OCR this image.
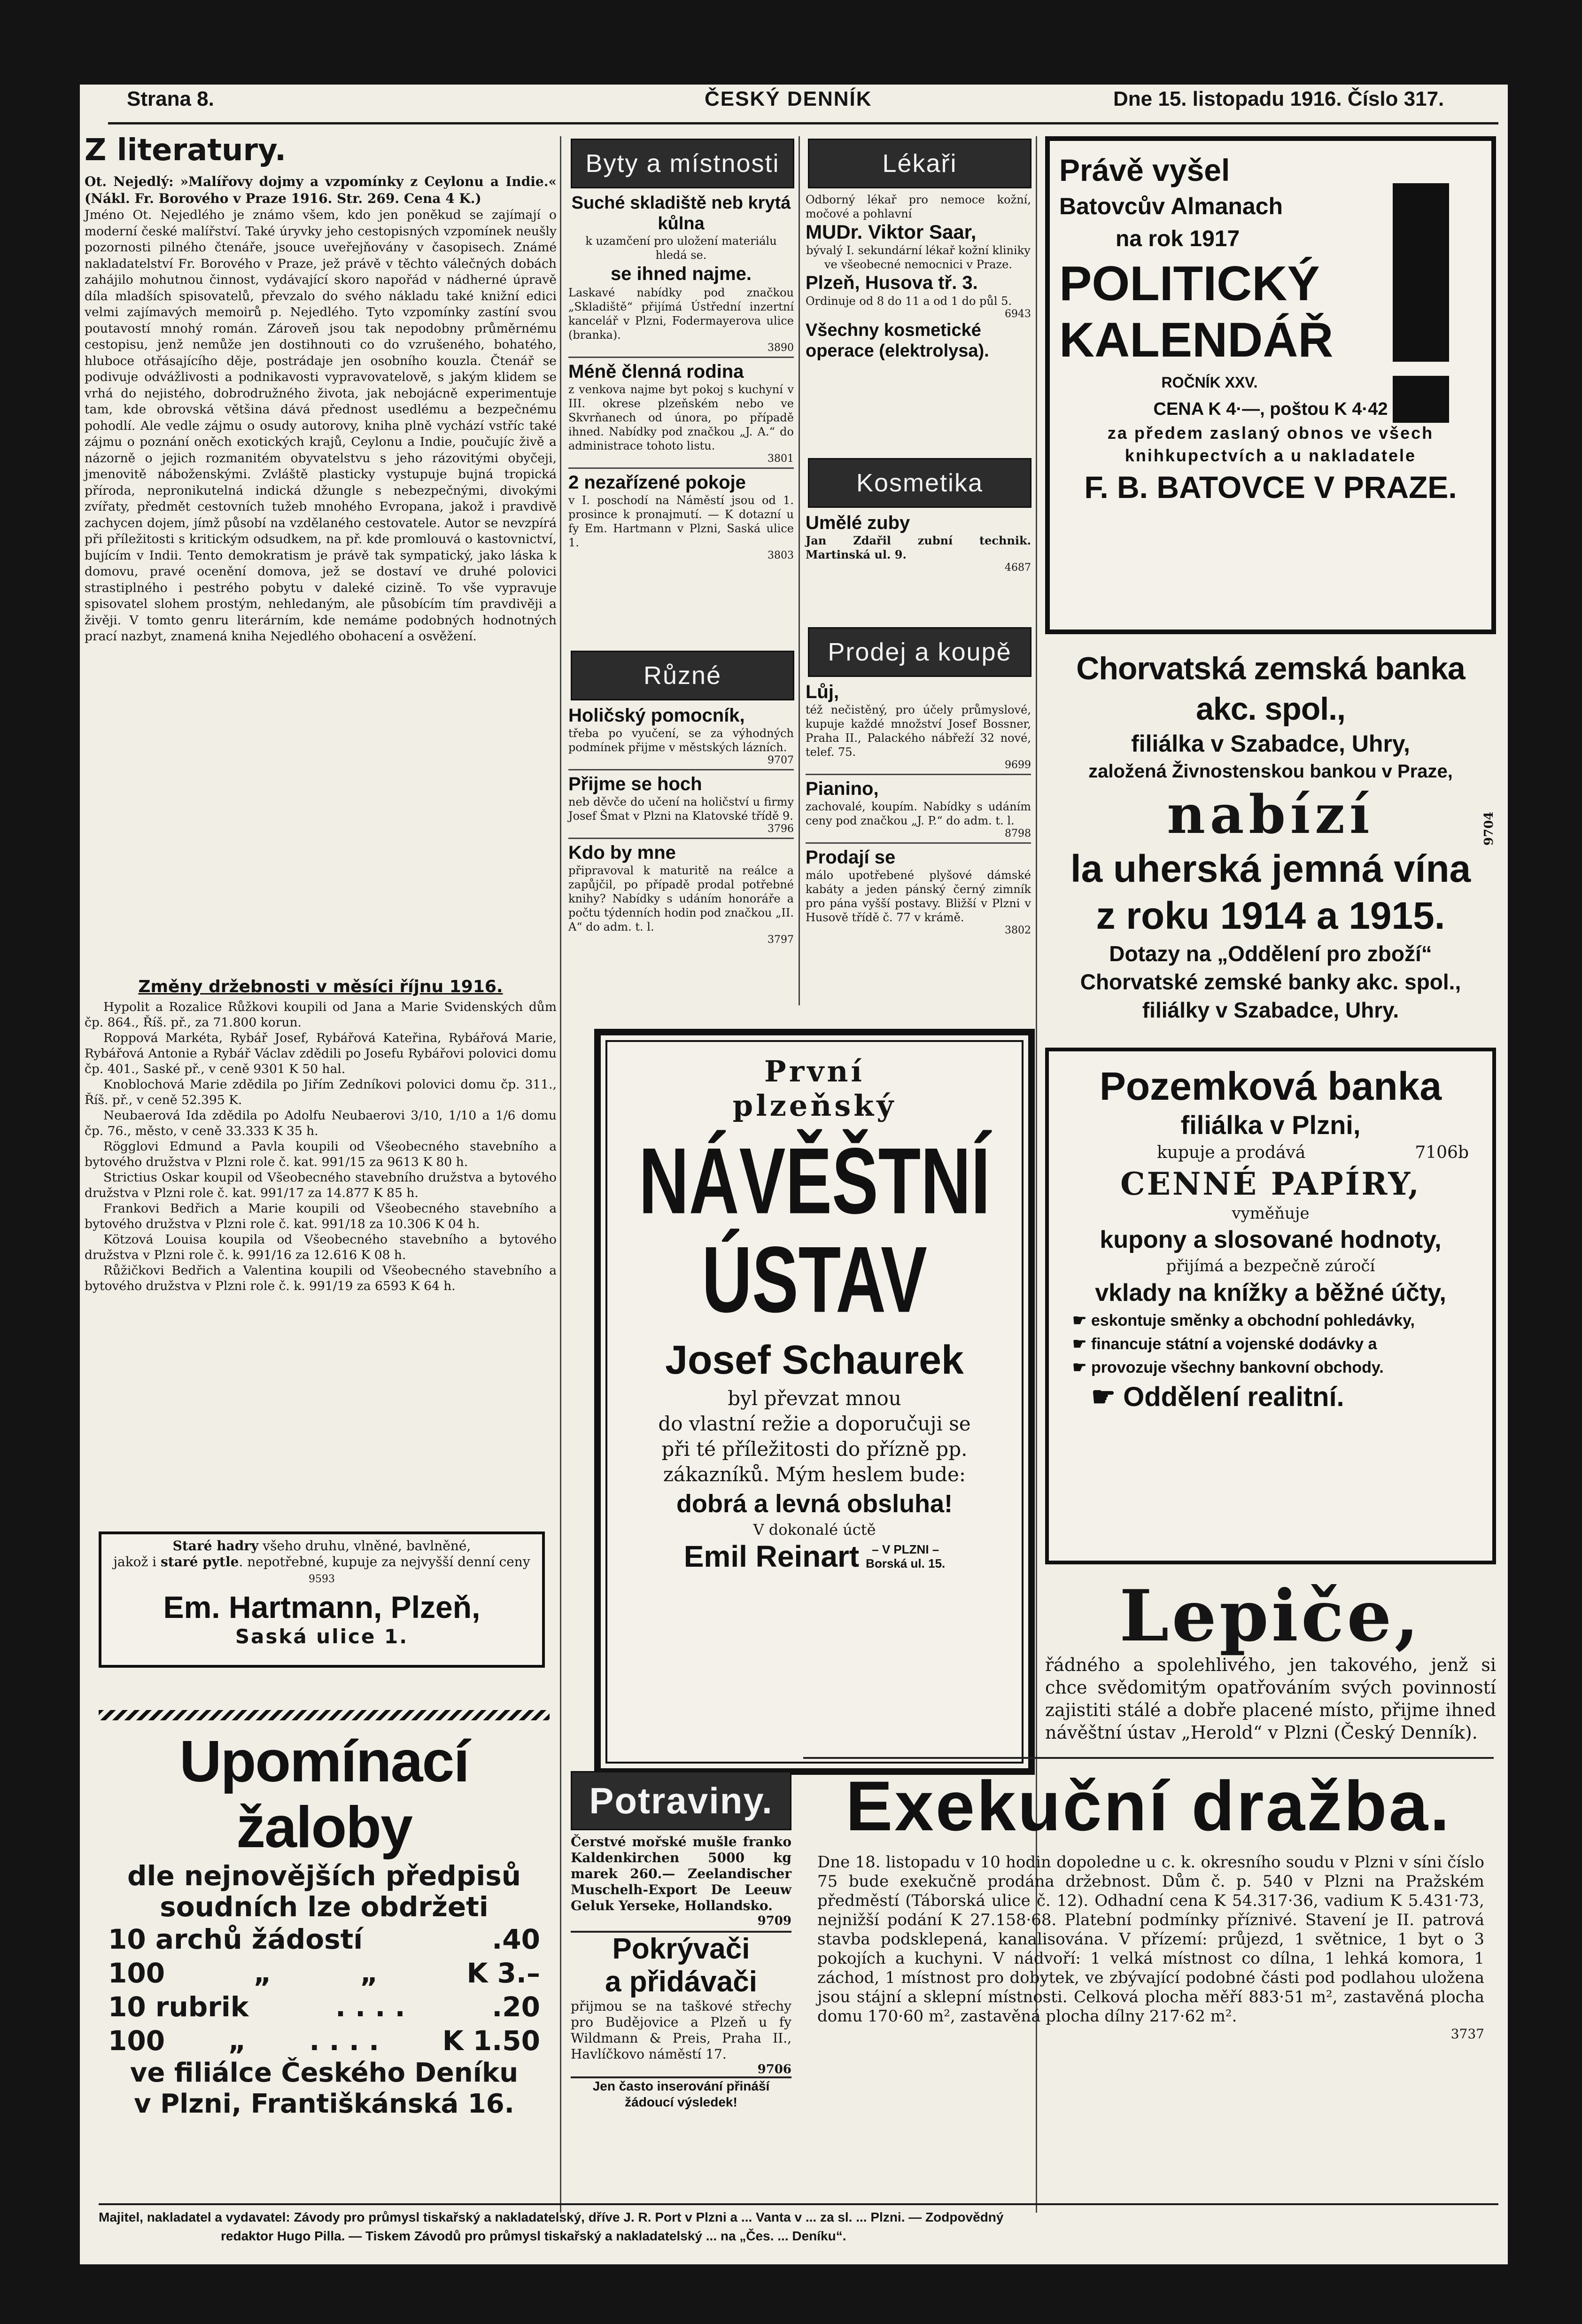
Strana 8.	ČESKÝ DENNÍK	Dne 15. listopadu 1916. Číslo 317.
Z literatury.

Ot. Nejedlý: »Malířovy dojmy a vzpomínky z Ceylonu a Indie.« (Nákl. Fr. Borového v Praze 1916. Str. 269. Cena 4 K.)

Jméno Ot. Nejedlého je známo všem, kdo jen poněkud se zajímají o moderní české malířství. Také úryvky jeho cestopisných vzpomínek neušly pozornosti pilného čtenáře, jsouce uveřejňovány v časopisech. Známé nakladatelství Fr. Borového v Praze, jež právě v těchto válečných dobách zahájilo mohutnou činnost, vydávající skoro napořád v nádherné úpravě díla mladších spisovatelů, převzalo do svého nákladu také knižní edici velmi zajímavých memoirů p. Nejedlého. Tyto vzpomínky zastíní svou poutavostí mnohý román. Zároveň jsou tak nepodobny průměrnému cestopisu, jenž nemůže jen dostihnouti co do vzrušeného, bohatého, hluboce otřásajícího děje, postrádaje jen osobního kouzla. Čtenář se podivuje odvážlivosti a podnikavosti vypravovatelově, s jakým klidem se vrhá do nejistého, dobrodružného života, jak nebojácně experimentuje tam, kde obrovská většina dává přednost usedlému a bezpečnému pohodlí. Ale vedle zájmu o osudy autorovy, kniha plně vychází vstříc také zájmu o poznání oněch exotických krajů, Ceylonu a Indie, poučujíc živě a názorně o jejich rozmanitém obyvatelstvu s jeho rázovitými obyčeji, jmenovitě náboženskými. Zvláště plasticky vystupuje bujná tropická příroda, nepronikutelná indická džungle s nebezpečnými, divokými zvířaty, předmět cestovních tužeb mnohého Evropana, jakož i pravdivě zachycen dojem, jímž působí na vzdělaného cestovatele. Autor se nevzpírá při příležitosti s kritickým odsudkem, na př. kde promlouvá o kastovnictví, bujícím v Indii. Tento demokratism je právě tak sympatický, jako láska k domovu, pravé ocenění domova, jež se dostaví ve druhé polovici strastiplného i pestrého pobytu v daleké cizině. To vše vypravuje spisovatel slohem prostým, nehledaným, ale působícím tím pravdivěji a živěji. V tomto genru literárním, kde nemáme podobných hodnotných prací nazbyt, znamená kniha Nejedlého obohacení a osvěžení.

Změny držebnosti v měsíci říjnu 1916.

Hypolit a Rozalice Růžkovi koupili od Jana a Marie Svidenských dům čp. 864., Říš. př., za 71.800 korun.

Roppová Markéta, Rybář Josef, Rybářová Kateřina, Rybářová Marie, Rybářová Antonie a Rybář Václav zdědili po Josefu Rybářovi polovici domu čp. 401., Saské př., v ceně 9301 K 50 hal.

Knoblochová Marie zdědila po Jiřím Zedníkovi polovici domu čp. 311., Říš. př., v ceně 52.395 K.

Neubaerová Ida zdědila po Adolfu Neubaerovi 3/10, 1/10 a 1/6 domu čp. 76., město, v ceně 33.333 K 35 h.

Rögglovi Edmund a Pavla koupili od Všeobecného stavebního a bytového družstva v Plzni role č. kat. 991/15 za 9613 K 80 h.

Strictius Oskar koupil od Všeobecného stavebního družstva a bytového družstva v Plzni role č. kat. 991/17 za 14.877 K 85 h.

Frankovi Bedřich a Marie koupili od Všeobecného stavebního a bytového družstva v Plzni role č. kat. 991/18 za 10.306 K 04 h.

Kötzová Louisa koupila od Všeobecného stavebního a bytového družstva v Plzni role č. k. 991/16 za 12.616 K 08 h.

Růžičkovi Bedřich a Valentina koupili od Všeobecného stavebního a bytového družstva v Plzni role č. k. 991/19 za 6593 K 64 h.

Staré hadry všeho druhu, vlněné, bavlněné,
jakož i staré pytle. nepotřebné, kupuje za nejvyšší denní ceny 9593
Em. Hartmann, Plzeň,
Saská ulice 1.
Upomínací žaloby
dle nejnovějších předpisů
soudních lze obdržeti
10 archů žádostí	.40
100	„	„	K 3.–
10 rubrik	. . . .	.20
100 „ . . . . K 1.50
ve filiálce Českého Deníku
v Plzni, Františkánská 16.
Byty a místnosti
Suché skladiště neb krytá kůlna

k uzamčení pro uložení materiálu hledá se.

se ihned najme.

Laskavé nabídky pod značkou „Skladiště“ přijímá Ústřední inzertní kancelář v Plzni, Fodermayerova ulice (branka).

3890
Méně členná rodina

z venkova najme byt pokoj s kuchyní v III. okrese plzeňském nebo ve Skvrňanech od února, po případě ihned. Nabídky pod značkou „J. A.“ do administrace tohoto listu.

3801
2 nezařízené pokoje

v I. poschodí na Náměstí jsou od 1. prosince k pronajmutí. — K dotazní u fy Em. Hartmann v Plzni, Saská ulice 1.

3803
Různé
Holičský pomocník,

třeba po vyučení, se za výhodných podmínek přijme v městských lázních.

9707
Přijme se hoch

neb děvče do učení na holičství u firmy Josef Šmat v Plzni na Klatovské třídě 9.

3796
Kdo by mne

připravoval k maturitě na reálce a zapůjčil, po případě prodal potřebné knihy? Nabídky s udáním honoráře a počtu týdenních hodin pod značkou „II. A“ do adm. t. l.

3797
Lékaři

Odborný lékař pro nemoce kožní, močové a pohlavní

MUDr. Viktor Saar,

bývalý I. sekundární lékař kožní kliniky ve všeobecné nemocnici v Praze.

Plzeň, Husova tř. 3.

Ordinuje od 8 do 11 a od 1 do půl 5.

6943
Všechny kosmetické operace (elektrolysa).
Kosmetika
Umělé zuby

Jan Zdařil zubní technik. Martinská ul. 9.

4687
Prodej a koupě
Lůj,

též nečistěný, pro účely průmyslové, kupuje každé množství Josef Bossner, Praha II., Palackého nábřeží 32 nové, telef. 75.

9699
Pianino,

zachovalé, koupím. Nabídky s udáním ceny pod značkou „J. P.“ do adm. t. l.

8798
Prodají se

málo upotřebené plyšové dámské kabáty a jeden pánský černý zimník pro pána vyšší postavy. Bližší v Plzni v Husově třídě č. 77 v krámě.

3802
První
plzeňský
NÁVĚŠTNÍ
ÚSTAV
Josef Schaurek
byl převzat mnou
do vlastní režie a doporučuji se
při té příležitosti do přízně pp.
zákazníků. Mým heslem bude:
dobrá a levná obsluha!
V dokonalé úctě
Emil Reinart	– V PLZNI –
Borská ul. 15.
Potraviny.

Čerstvé mořské mušle franko Kaldenkirchen 5000 kg marek 260.— Zeelandischer Muschelh-Export De Leeuw Geluk Yerseke, Hollandsko.

9709
Pokrývači
a přidávači

přijmou se na taškové střechy pro Budějovice a Plzeň u fy Wildmann & Preis, Praha II., Havlíčkovo náměstí 17.

9706
Jen často inserování přináší žádoucí výsledek!
Právě vyšel
Batovcův Almanach
na rok 1917
POLITICKÝ
KALENDÁŘ
ROČNÍK XXV.
CENA K 4·—, poštou K 4·42
za předem zaslaný obnos ve všech
knihkupectvích a u nakladatele
F. B. BATOVCE V PRAZE.
Chorvatská zemská banka akc. spol.,
filiálka v Szabadce, Uhry,
založená Živnostenskou bankou v Praze,
nabízí
la uherská jemná vína
z roku 1914 a 1915.
Dotazy na „Oddělení pro zboží“
Chorvatské zemské banky akc. spol.,
filiálky v Szabadce, Uhry.
9704
Pozemková banka
filiálka v Plzni,
kupuje a prodává	7106b
CENNÉ PAPÍRY,
vyměňuje
kupony a slosované hodnoty,
přijímá a bezpečně zúročí
vklady na knížky a běžné účty,
☛ eskontuje směnky a obchodní pohledávky,
☛ financuje státní a vojenské dodávky a
☛ provozuje všechny bankovní obchody.
☛ Oddělení realitní.
Lepiče,

řádného a spolehlivého, jen takového, jenž si chce svědomitým opatřováním svých povinností zajistiti stálé a dobře placené místo, přijme ihned návěštní ústav „Herold“ v Plzni (Český Denník).

Exekuční dražba.

Dne 18. listopadu v 10 hodin dopoledne u c. k. okresního soudu v Plzni v síni číslo 75 bude exekučně prodána držebnost. Dům č. p. 540 v Plzni na Pražském předměstí (Táborská ulice č. 12). Odhadní cena K 54.317·36, vadium K 5.431·73, nejnižší podání K 27.158·68. Platební podmínky příznivé. Stavení je II. patrová stavba podsklepená, kanalisována. V přízemí: průjezd, 1 světnice, 1 byt o 3 pokojích a kuchyni. V nádvoří: 1 velká místnost co dílna, 1 lehká komora, 1 záchod, 1 místnost pro dobytek, ve zbývající podobné části pod podlahou uložena jsou stájní a sklepní místnosti. Celková plocha měří 883·51 m², zastavěná plocha domu 170·60 m², zastavěná plocha dílny 217·62 m².

3737
Majitel, nakladatel a vydavatel: Závody pro průmysl tiskařský a nakladatelský, dříve J. R. Port v Plzni a ... Vanta v ... za sl. ... Plzni. — Zodpovědný
redaktor Hugo Pilla. — Tiskem Závodů pro průmysl tiskařský a nakladatelský ... na „Čes. ... Deníku“.
